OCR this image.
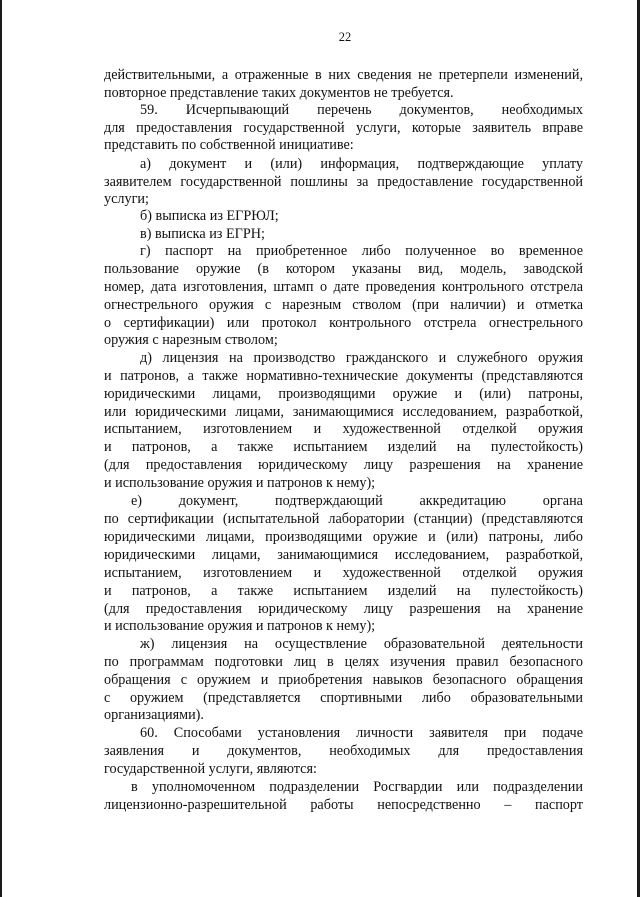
22
действительными, а отраженные в них сведения не претерпели изменений,
повторное представление таких документов не требуется.
59. Исчерпывающий перечень документов, необходимых
для предоставления государственной услуги, которые заявитель вправе
представить по собственной инициативе:
а) документ и (или) информация, подтверждающие уплату
заявителем государственной пошлины за предоставление государственной
услуги;
б) выписка из ЕГРЮЛ;
в) выписка из ЕГРН;
г) паспорт на приобретенное либо полученное во временное
пользование оружие (в котором указаны вид, модель, заводской
номер, дата изготовления, штамп о дате проведения контрольного отстрела
огнестрельного оружия с нарезным стволом (при наличии) и отметка
о сертификации) или протокол контрольного отстрела огнестрельного
оружия с нарезным стволом;
д) лицензия на производство гражданского и служебного оружия
и патронов, а также нормативно-технические документы (представляются
юридическими лицами, производящими оружие и (или) патроны,
или юридическими лицами, занимающимися исследованием, разработкой,
испытанием, изготовлением и художественной отделкой оружия
и патронов, а также испытанием изделий на пулестойкость)
(для предоставления юридическому лицу разрешения на хранение
и использование оружия и патронов к нему);
е) документ, подтверждающий аккредитацию органа
по сертификации (испытательной лаборатории (станции) (представляются
юридическими лицами, производящими оружие и (или) патроны, либо
юридическими лицами, занимающимися исследованием, разработкой,
испытанием, изготовлением и художественной отделкой оружия
и патронов, а также испытанием изделий на пулестойкость)
(для предоставления юридическому лицу разрешения на хранение
и использование оружия и патронов к нему);
ж) лицензия на осуществление образовательной деятельности
по программам подготовки лиц в целях изучения правил безопасного
обращения с оружием и приобретения навыков безопасного обращения
с оружием (представляется спортивными либо образовательными
организациями).
60. Способами установления личности заявителя при подаче
заявления и документов, необходимых для предоставления
государственной услуги, являются:
в уполномоченном подразделении Росгвардии или подразделении
лицензионно-разрешительной работы непосредственно – паспорт
